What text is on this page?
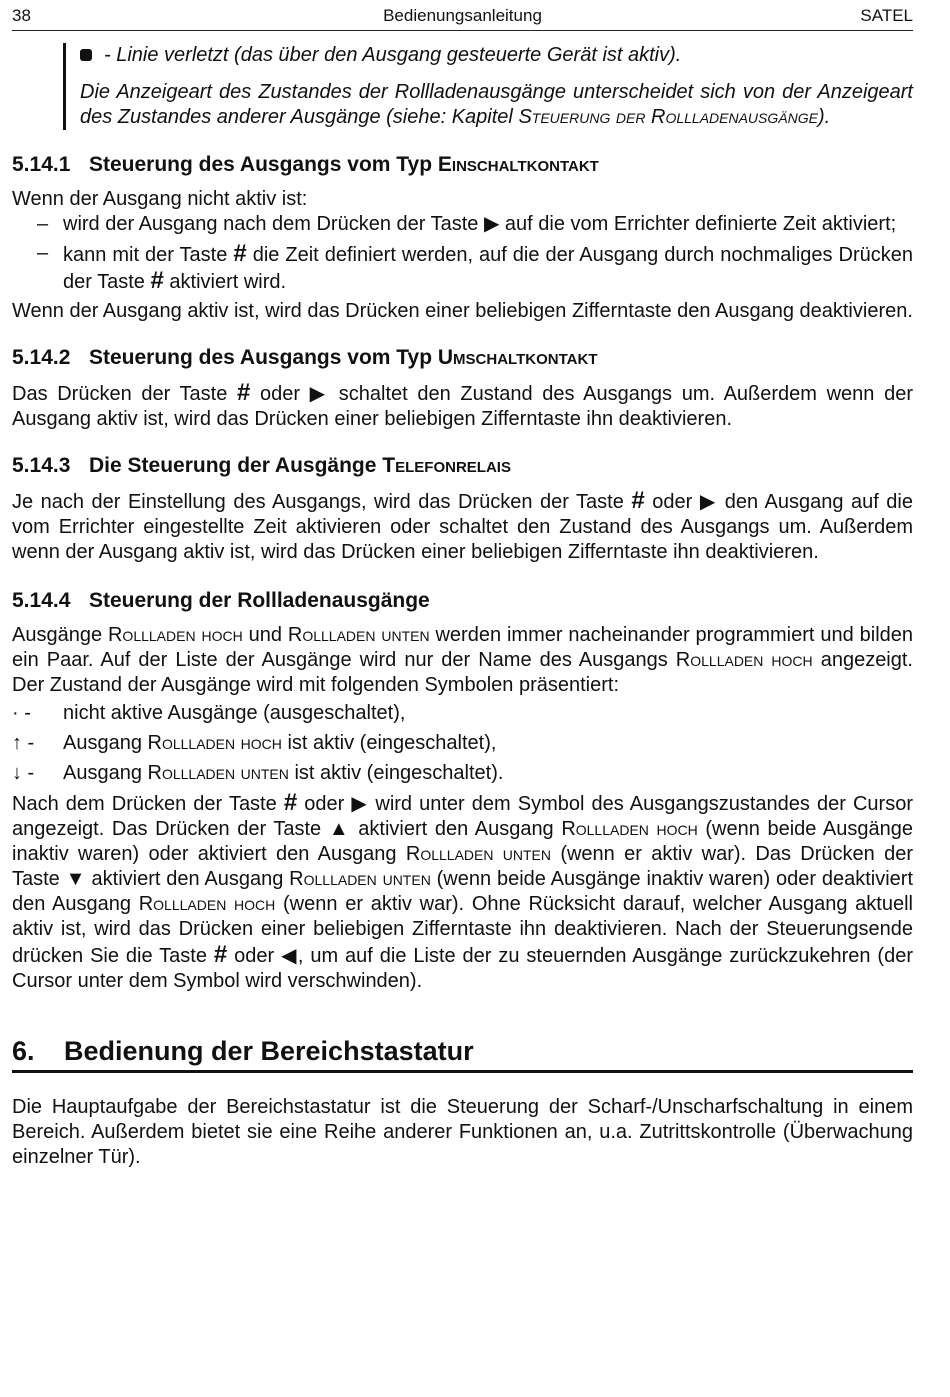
38	Bedienungsanleitung	SATEL

- Linie verletzt (das über den Ausgang gesteuerte Gerät ist aktiv).

Die Anzeigeart des Zustandes der Rollladenausgänge unterscheidet sich von der Anzeigeart des Zustandes anderer Ausgänge (siehe: Kapitel Steuerung der Rollladenausgänge).

5.14.1 Steuerung des Ausgangs vom Typ Einschaltkontakt

Wenn der Ausgang nicht aktiv ist:

– wird der Ausgang nach dem Drücken der Taste ▶ auf die vom Errichter definierte Zeit aktiviert;
– kann mit der Taste # die Zeit definiert werden, auf die der Ausgang durch nochmaliges Drücken der Taste # aktiviert wird.

Wenn der Ausgang aktiv ist, wird das Drücken einer beliebigen Zifferntaste den Ausgang deaktivieren.

5.14.2 Steuerung des Ausgangs vom Typ Umschaltkontakt

Das Drücken der Taste # oder ▶ schaltet den Zustand des Ausgangs um. Außerdem wenn der Ausgang aktiv ist, wird das Drücken einer beliebigen Zifferntaste ihn deaktivieren.

5.14.3 Die Steuerung der Ausgänge Telefonrelais

Je nach der Einstellung des Ausgangs, wird das Drücken der Taste # oder ▶ den Ausgang auf die vom Errichter eingestellte Zeit aktivieren oder schaltet den Zustand des Ausgangs um. Außerdem wenn der Ausgang aktiv ist, wird das Drücken einer beliebigen Zifferntaste ihn deaktivieren.

5.14.4 Steuerung der Rollladenausgänge

Ausgänge Rollladen hoch und Rollladen unten werden immer nacheinander programmiert und bilden ein Paar. Auf der Liste der Ausgänge wird nur der Name des Ausgangs Rollladen hoch angezeigt. Der Zustand der Ausgänge wird mit folgenden Symbolen präsentiert:

· -	nicht aktive Ausgänge (ausgeschaltet),
↑ -	Ausgang Rollladen hoch ist aktiv (eingeschaltet),
↓ -	Ausgang Rollladen unten ist aktiv (eingeschaltet).

Nach dem Drücken der Taste # oder ▶ wird unter dem Symbol des Ausgangszustandes der Cursor angezeigt. Das Drücken der Taste ▲ aktiviert den Ausgang Rollladen hoch (wenn beide Ausgänge inaktiv waren) oder aktiviert den Ausgang Rollladen unten (wenn er aktiv war). Das Drücken der Taste ▼ aktiviert den Ausgang Rollladen unten (wenn beide Ausgänge inaktiv waren) oder deaktiviert den Ausgang Rollladen hoch (wenn er aktiv war). Ohne Rücksicht darauf, welcher Ausgang aktuell aktiv ist, wird das Drücken einer beliebigen Zifferntaste ihn deaktivieren. Nach der Steuerungsende drücken Sie die Taste # oder ◀, um auf die Liste der zu steuernden Ausgänge zurückzukehren (der Cursor unter dem Symbol wird verschwinden).

6. Bedienung der Bereichstastatur

Die Hauptaufgabe der Bereichstastatur ist die Steuerung der Scharf-/Unscharfschaltung in einem Bereich. Außerdem bietet sie eine Reihe anderer Funktionen an, u.a. Zutrittskontrolle (Überwachung einzelner Tür).
